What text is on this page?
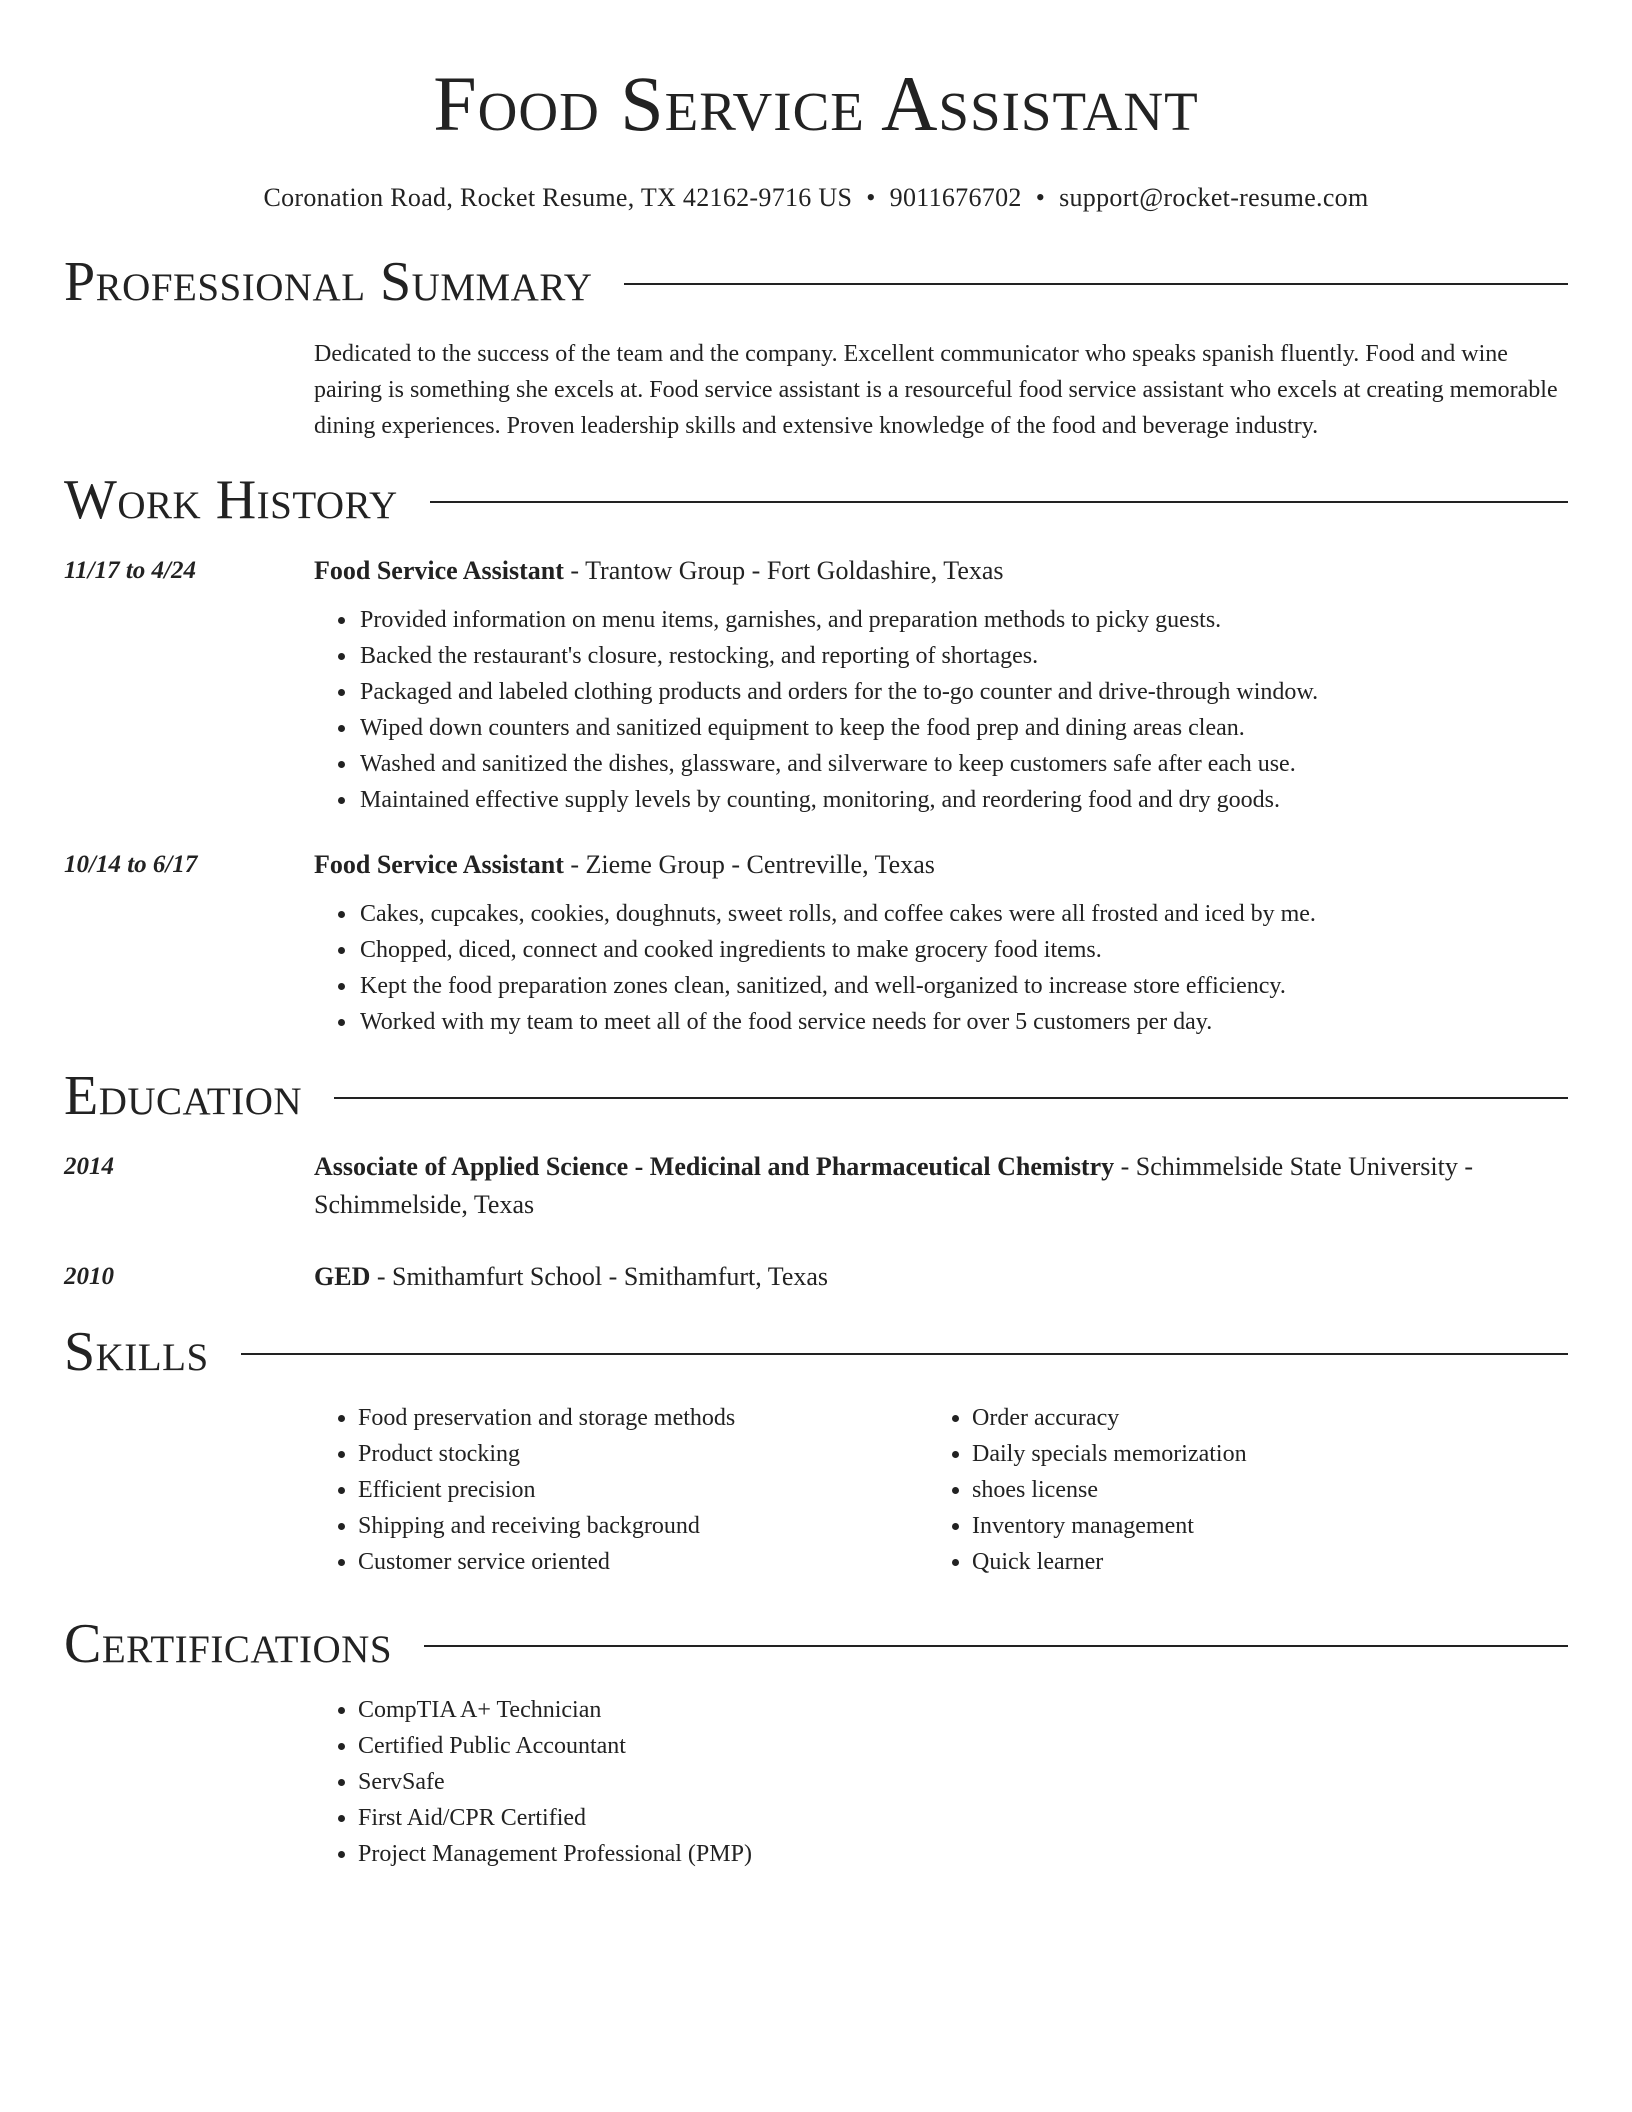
Food Service Assistant
Coronation Road, Rocket Resume, TX 42162-9716 US • 9011676702 • support@rocket-resume.com
Professional Summary
Dedicated to the success of the team and the company. Excellent communicator who speaks spanish fluently. Food and wine pairing is something she excels at. Food service assistant is a resourceful food service assistant who excels at creating memorable dining experiences. Proven leadership skills and extensive knowledge of the food and beverage industry.
Work History
11/17 to 4/24	Food Service Assistant - Trantow Group - Fort Goldashire, Texas
• Provided information on menu items, garnishes, and preparation methods to picky guests.
• Backed the restaurant's closure, restocking, and reporting of shortages.
• Packaged and labeled clothing products and orders for the to-go counter and drive-through window.
• Wiped down counters and sanitized equipment to keep the food prep and dining areas clean.
• Washed and sanitized the dishes, glassware, and silverware to keep customers safe after each use.
• Maintained effective supply levels by counting, monitoring, and reordering food and dry goods.
10/14 to 6/17	Food Service Assistant - Zieme Group - Centreville, Texas
• Cakes, cupcakes, cookies, doughnuts, sweet rolls, and coffee cakes were all frosted and iced by me.
• Chopped, diced, connect and cooked ingredients to make grocery food items.
• Kept the food preparation zones clean, sanitized, and well-organized to increase store efficiency.
• Worked with my team to meet all of the food service needs for over 5 customers per day.
Education
2014	Associate of Applied Science - Medicinal and Pharmaceutical Chemistry - Schimmelside State University - Schimmelside, Texas
2010	GED - Smithamfurt School - Smithamfurt, Texas
Skills
• Food preservation and storage methods
• Product stocking
• Efficient precision
• Shipping and receiving background
• Customer service oriented
• Order accuracy
• Daily specials memorization
• shoes license
• Inventory management
• Quick learner
Certifications
• CompTIA A+ Technician
• Certified Public Accountant
• ServSafe
• First Aid/CPR Certified
• Project Management Professional (PMP)
